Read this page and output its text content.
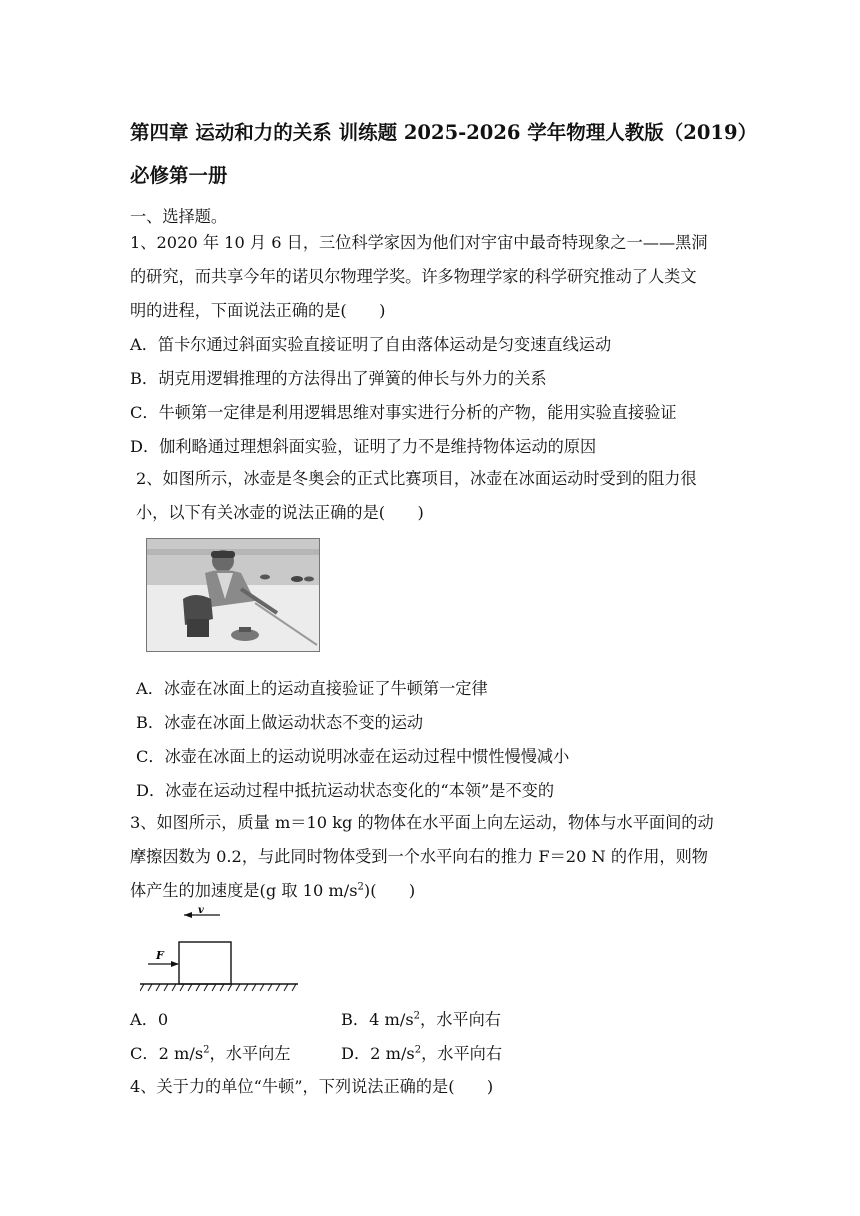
第四章 运动和力的关系 训练题 2025-2026 学年物理人教版（2019）
必修第一册
一、选择题。
1、2020 年 10 月 6 日，三位科学家因为他们对宇宙中最奇特现象之一——黑洞
的研究，而共享今年的诺贝尔物理学奖。许多物理学家的科学研究推动了人类文
明的进程，下面说法正确的是(　　)
A．笛卡尔通过斜面实验直接证明了自由落体运动是匀变速直线运动
B．胡克用逻辑推理的方法得出了弹簧的伸长与外力的关系
C．牛顿第一定律是利用逻辑思维对事实进行分析的产物，能用实验直接验证
D．伽利略通过理想斜面实验，证明了力不是维持物体运动的原因
2、如图所示，冰壶是冬奥会的正式比赛项目，冰壶在冰面运动时受到的阻力很
小，以下有关冰壶的说法正确的是(　　)
A．冰壶在冰面上的运动直接验证了牛顿第一定律
B．冰壶在冰面上做运动状态不变的运动
C．冰壶在冰面上的运动说明冰壶在运动过程中惯性慢慢减小
D．冰壶在运动过程中抵抗运动状态变化的“本领”是不变的
3、如图所示，质量 m＝10 kg 的物体在水平面上向左运动，物体与水平面间的动
摩擦因数为 0.2，与此同时物体受到一个水平向右的推力 F＝20 N 的作用，则物
体产生的加速度是(g 取 10 $m/s^2$)(　　)
v
F
A．0	B．4 $m/s^2$，水平向右
C．2 $m/s^2$，水平向左	D．2 $m/s^2$，水平向右
4、关于力的单位“牛顿”，下列说法正确的是(　　)
